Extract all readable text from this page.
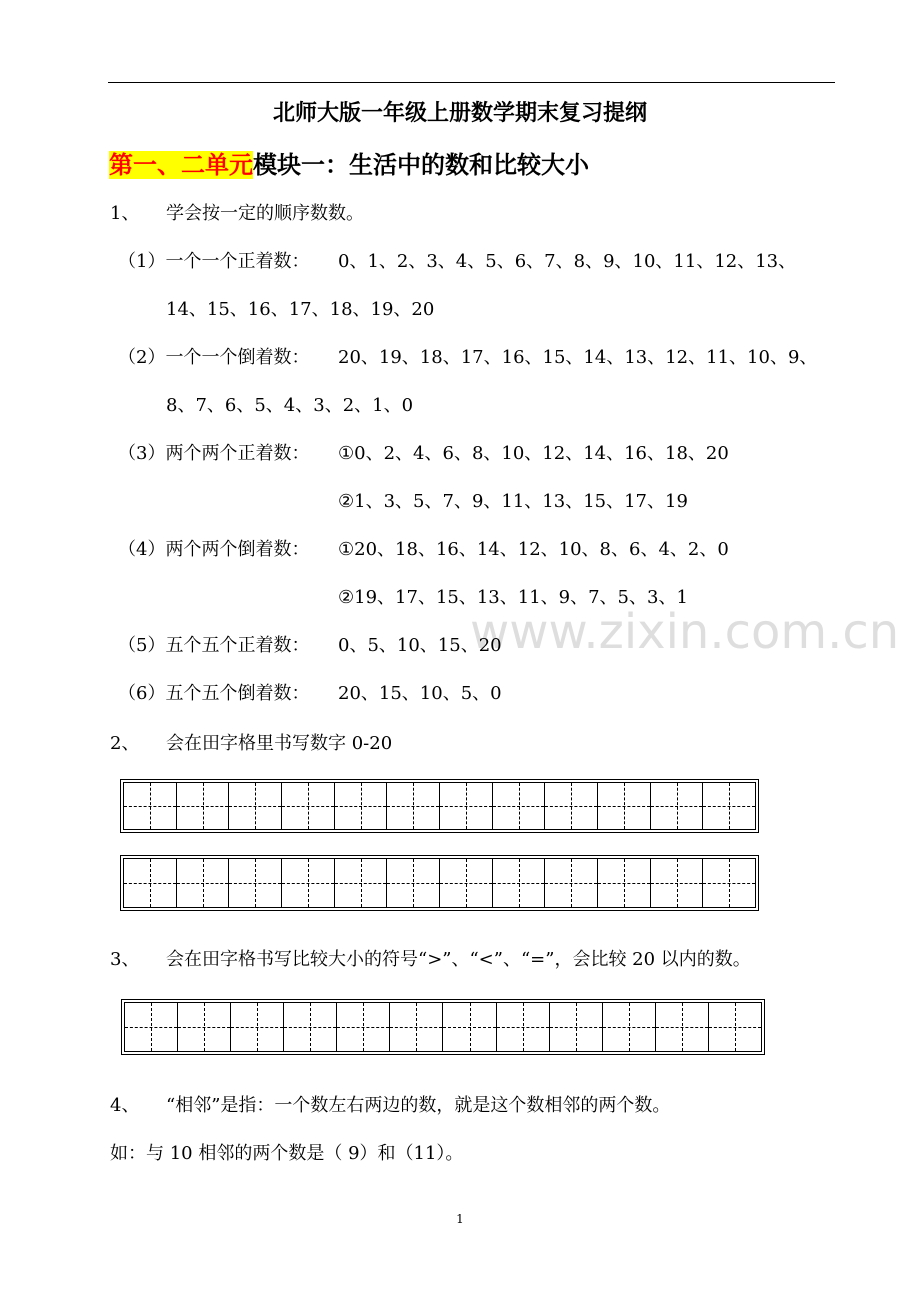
北师大版一年级上册数学期末复习提纲
第一、二单元模块一：生活中的数和比较大小
1、 学会按一定的顺序数数。
（1）一个一个正着数： 0、1、2、3、4、5、6、7、8、9、10、11、12、13、
14、15、16、17、18、19、20
（2）一个一个倒着数： 20、19、18、17、16、15、14、13、12、11、10、9、
8、7、6、5、4、3、2、1、0
（3）两个两个正着数： ①0、2、4、6、8、10、12、14、16、18、20
②1、3、5、7、9、11、13、15、17、19
（4）两个两个倒着数： ①20、18、16、14、12、10、8、6、4、2、0
②19、17、15、13、11、9、7、5、3、1
www.zixin.com.cn
（5）五个五个正着数： 0、5、10、15、20
（6）五个五个倒着数： 20、15、10、5、0
2、 会在田字格里书写数字 0-20
3、 会在田字格书写比较大小的符号“>”、“<”、“=”，会比较 20 以内的数。
4、 “相邻”是指：一个数左右两边的数，就是这个数相邻的两个数。
如：与 10 相邻的两个数是（ 9）和（11）。
1
